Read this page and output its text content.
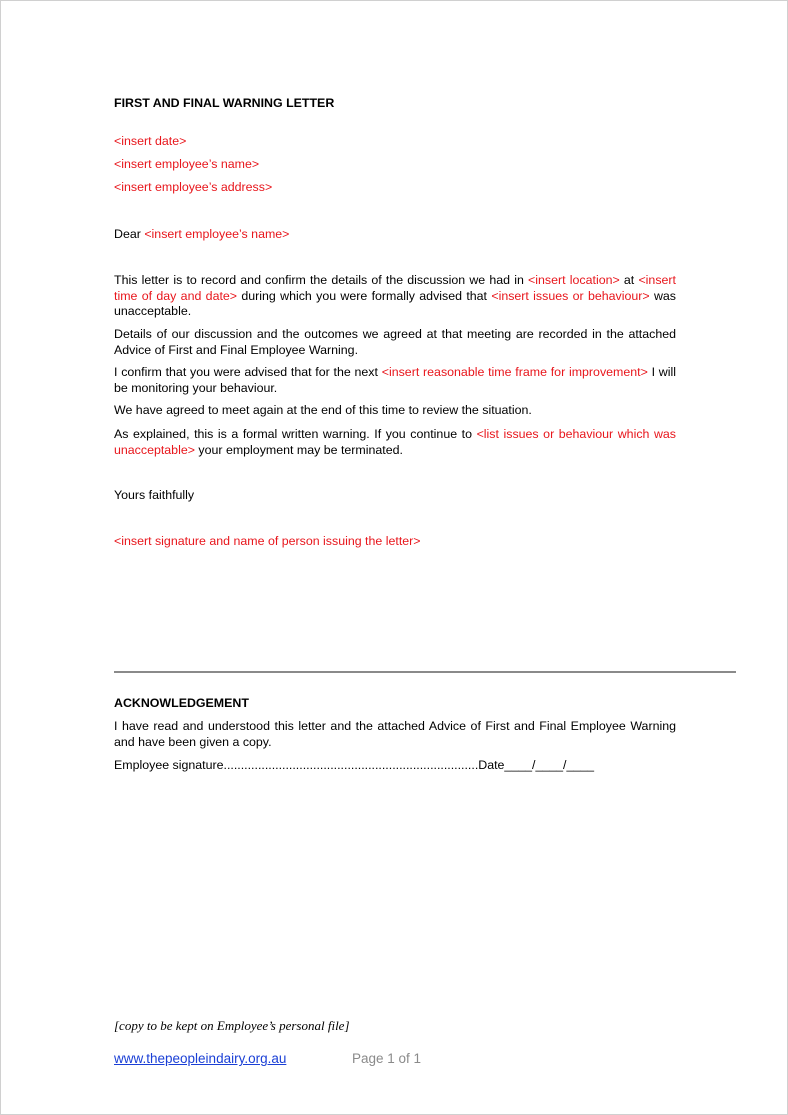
FIRST AND FINAL WARNING LETTER
<insert date>
<insert employee’s name>
<insert employee’s address>
Dear <insert employee’s name>
This letter is to record and confirm the details of the discussion we had in <insert location> at <insert time of day and date> during which you were formally advised that <insert issues or behaviour> was unacceptable.
Details of our discussion and the outcomes we agreed at that meeting are recorded in the attached Advice of First and Final Employee Warning.
I confirm that you were advised that for the next <insert reasonable time frame for improvement> I will be monitoring your behaviour.
We have agreed to meet again at the end of this time to review the situation.
As explained, this is a formal written warning. If you continue to <list issues or behaviour which was unacceptable> your employment may be terminated.
Yours faithfully
<insert signature and name of person issuing the letter>
ACKNOWLEDGEMENT
I have read and understood this letter and the attached Advice of First and Final Employee Warning and have been given a copy.
Employee signature..........................................................................Date____/____/____
[copy to be kept on Employee’s personal file]
www.thepeopleindairy.org.au	Page 1 of 1
